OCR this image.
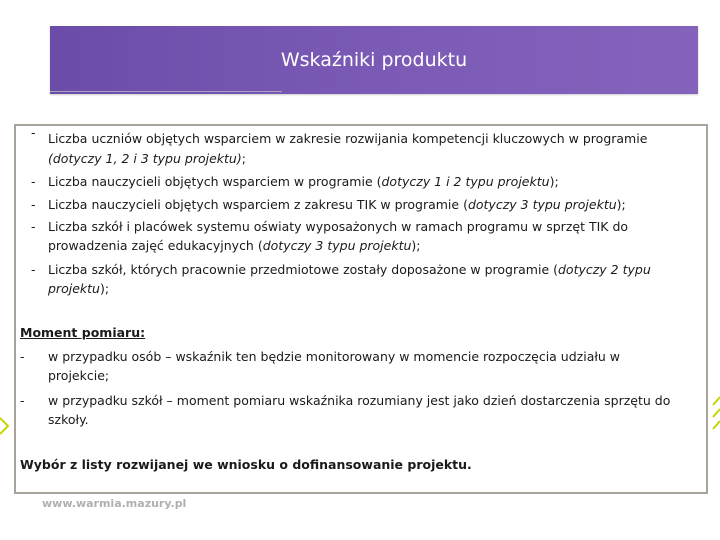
Wskaźniki produktu
- Liczba uczniów objętych wsparciem w zakresie rozwijania kompetencji kluczowych w programie
(dotyczy 1, 2 i 3 typu projektu);
- Liczba nauczycieli objętych wsparciem w programie (dotyczy 1 i 2 typu projektu);
- Liczba nauczycieli objętych wsparciem z zakresu TIK w programie (dotyczy 3 typu projektu);
- Liczba szkół i placówek systemu oświaty wyposażonych w ramach programu w sprzęt TIK do
prowadzenia zajęć edukacyjnych (dotyczy 3 typu projektu);
- Liczba szkół, których pracownie przedmiotowe zostały doposażone w programie (dotyczy 2 typu
projektu);
Moment pomiaru:
- w przypadku osób – wskaźnik ten będzie monitorowany w momencie rozpoczęcia udziału w
projekcie;
- w przypadku szkół – moment pomiaru wskaźnika rozumiany jest jako dzień dostarczenia sprzętu do
szkoły.
Wybór z listy rozwijanej we wniosku o dofinansowanie projektu.
www.warmia.mazury.pl
